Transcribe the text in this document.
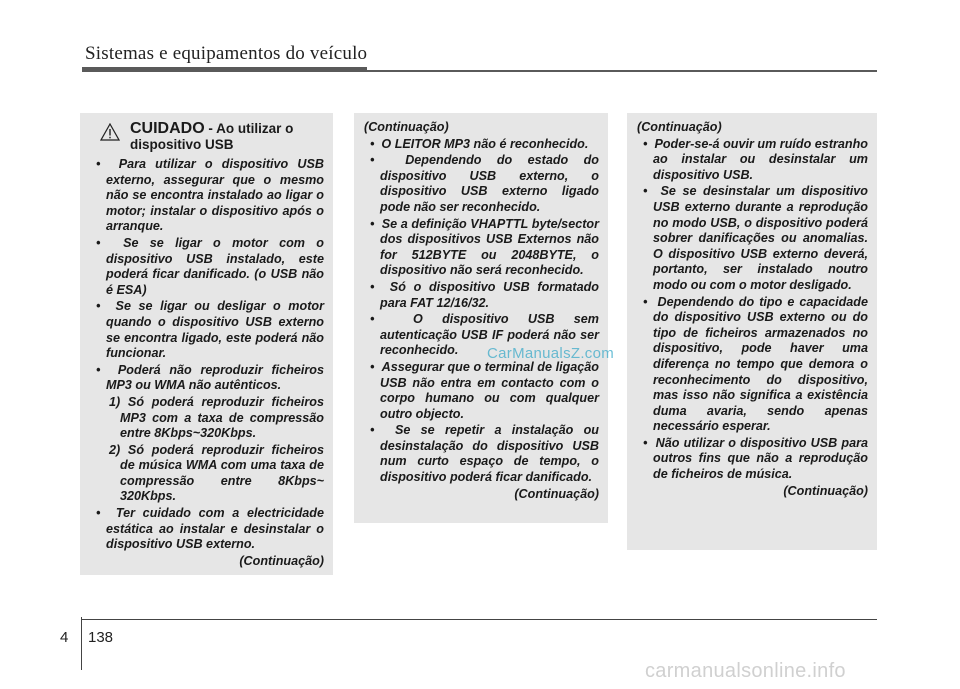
Sistemas e equipamentos do veículo
CUIDADO - Ao utilizar o dispositivo USB
•  Para utilizar o dispositivo USB externo, assegurar que o mesmo não se encontra instalado ao ligar o motor; instalar o dispositivo após o arranque.
•  Se se ligar o motor com o dispositivo USB instalado, este poderá ficar danificado. (o USB não é ESA)
•  Se se ligar ou desligar o motor quando o dispositivo USB externo se encontra ligado, este poderá não funcionar.
•  Poderá não reproduzir ficheiros MP3 ou WMA não autênticos.
1) Só poderá reproduzir ficheiros MP3 com a taxa de compressão entre 8Kbps~320Kbps.
2) Só poderá reproduzir ficheiros de música WMA com uma taxa de compressão entre 8Kbps~ 320Kbps.
•  Ter cuidado com a electricidade estática ao instalar e desinstalar o dispositivo USB externo.
(Continuação)
(Continuação)
•  O LEITOR MP3 não é reconhecido.
•  Dependendo do estado do dispositivo USB externo, o dispositivo USB externo ligado pode não ser reconhecido.
•  Se a definição VHAPTTL byte/sector dos dispositivos USB Externos não for 512BYTE ou 2048BYTE, o dispositivo não será reconhecido.
•  Só o dispositivo USB formatado para FAT 12/16/32.
•  O dispositivo USB sem autenticação USB IF poderá não ser reconhecido.
•  Assegurar que o terminal de ligação USB não entra em contacto com o corpo humano ou com qualquer outro objecto.
•  Se se repetir a instalação ou desinstalação do dispositivo USB num curto espaço de tempo, o dispositivo poderá ficar danificado.
(Continuação)
(Continuação)
•  Poder-se-á ouvir um ruído estranho ao instalar ou desinstalar um dispositivo USB.
•  Se se desinstalar um dispositivo USB externo durante a reprodução no modo USB, o dispositivo poderá sobrer danificações ou anomalias. O dispositivo USB externo deverá, portanto, ser instalado noutro modo ou com o motor desligado.
•  Dependendo do tipo e capacidade do dispositivo USB externo ou do tipo de ficheiros armazenados no dispositivo, pode haver uma diferença no tempo que demora o reconhecimento do dispositivo, mas isso não significa a existência duma avaria, sendo apenas necessário esperar.
•  Não utilizar o dispositivo USB para outros fins que não a reprodução de ficheiros de música.
(Continuação)
CarManualsZ.com
4 138
carmanualsonline.info
